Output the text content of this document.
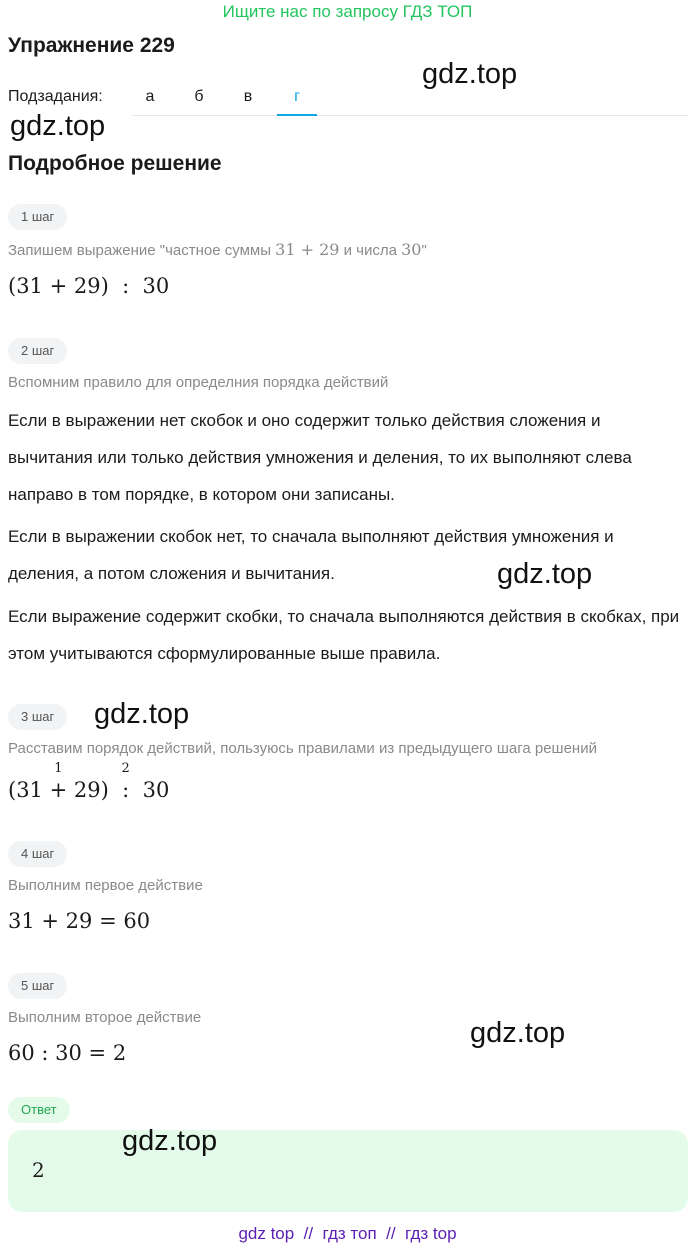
Ищите нас по запросу ГДЗ ТОП
Упражнение 229
Подзадания:	а	б	в	г
gdz.top
gdz.top
gdz.top
gdz.top
gdz.top
gdz.top
Подробное решение
1 шаг
Запишем выражение "частное суммы 31 + 29 и числа 30"
(31 + 29)  :  30
2 шаг
Вспомним правило для определния порядка действий
Если в выражении нет скобок и оно содержит только действия сложения и вычитания или только действия умножения и деления, то их выполняют слева направо в том порядке, в котором они записаны.
Если в выражении скобок нет, то сначала выполняют действия умножения и деления, а потом сложения и вычитания.
Если выражение содержит скобки, то сначала выполняются действия в скобках, при этом учитываются сформулированные выше правила.
3 шаг
Расставим порядок действий, пользуюсь правилами из предыдущего шага решений
(31
1
+ 29)
2
:  30
4 шаг
Выполним первое действие
31 + 29 = 60
5 шаг
Выполним второе действие
60 : 30 = 2
Ответ
2
gdz top  //  гдз топ  //  гдз top
